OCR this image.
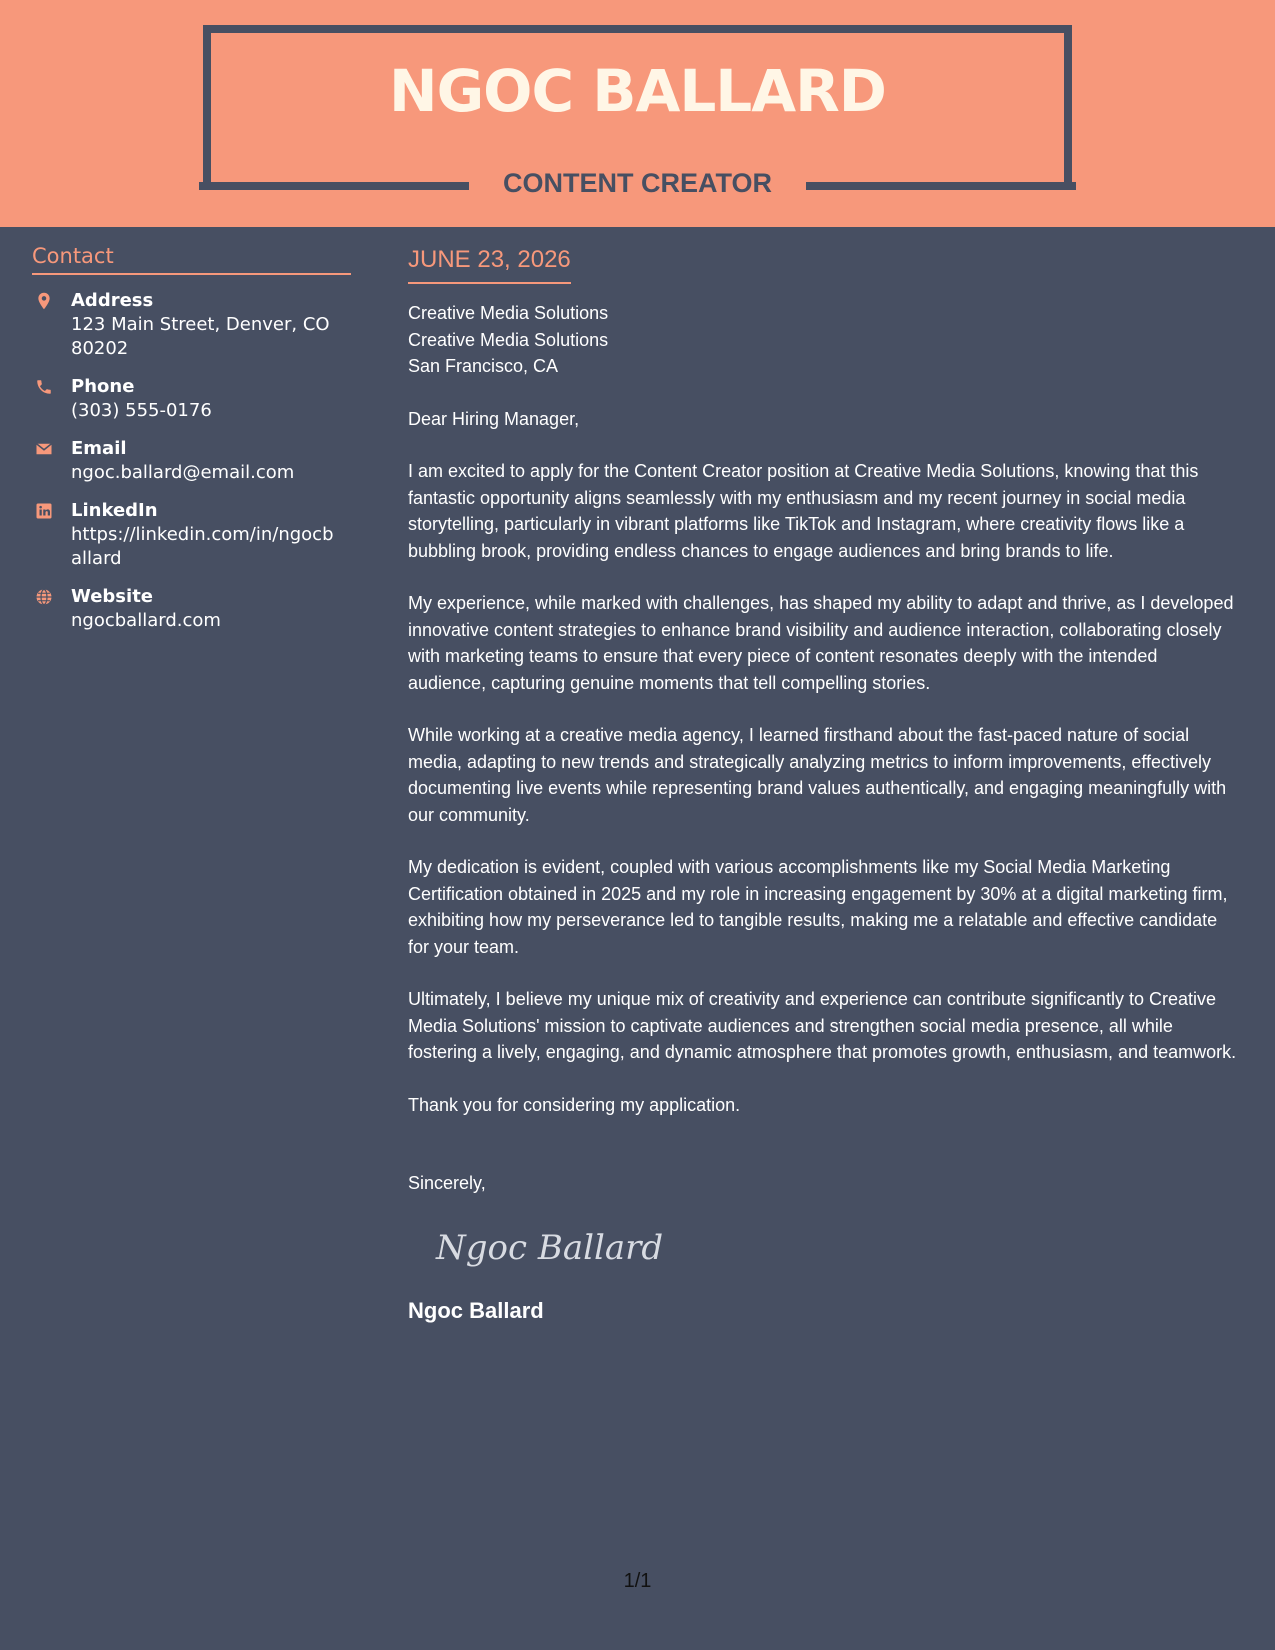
NGOC BALLARD
CONTENT CREATOR
Contact
Address
123 Main Street, Denver, CO 80202
Phone
(303) 555-0176
Email
ngoc.ballard@email.com
LinkedIn
https://linkedin.com/in/ngocballard
Website
ngocballard.com
JUNE 23, 2026
Creative Media Solutions
Creative Media Solutions
San Francisco, CA
Dear Hiring Manager,

I am excited to apply for the Content Creator position at Creative Media Solutions, knowing that this fantastic opportunity aligns seamlessly with my enthusiasm and my recent journey in social media storytelling, particularly in vibrant platforms like TikTok and Instagram, where creativity flows like a bubbling brook, providing endless chances to engage audiences and bring brands to life.

My experience, while marked with challenges, has shaped my ability to adapt and thrive, as I developed innovative content strategies to enhance brand visibility and audience interaction, collaborating closely with marketing teams to ensure that every piece of content resonates deeply with the intended audience, capturing genuine moments that tell compelling stories.

While working at a creative media agency, I learned firsthand about the fast-paced nature of social media, adapting to new trends and strategically analyzing metrics to inform improvements, effectively documenting live events while representing brand values authentically, and engaging meaningfully with our community.

My dedication is evident, coupled with various accomplishments like my Social Media Marketing Certification obtained in 2025 and my role in increasing engagement by 30% at a digital marketing firm, exhibiting how my perseverance led to tangible results, making me a relatable and effective candidate for your team.

Ultimately, I believe my unique mix of creativity and experience can contribute significantly to Creative Media Solutions' mission to captivate audiences and strengthen social media presence, all while fostering a lively, engaging, and dynamic atmosphere that promotes growth, enthusiasm, and teamwork.

Thank you for considering my application.

Sincerely,
Ngoc Ballard
Ngoc Ballard
1/1
